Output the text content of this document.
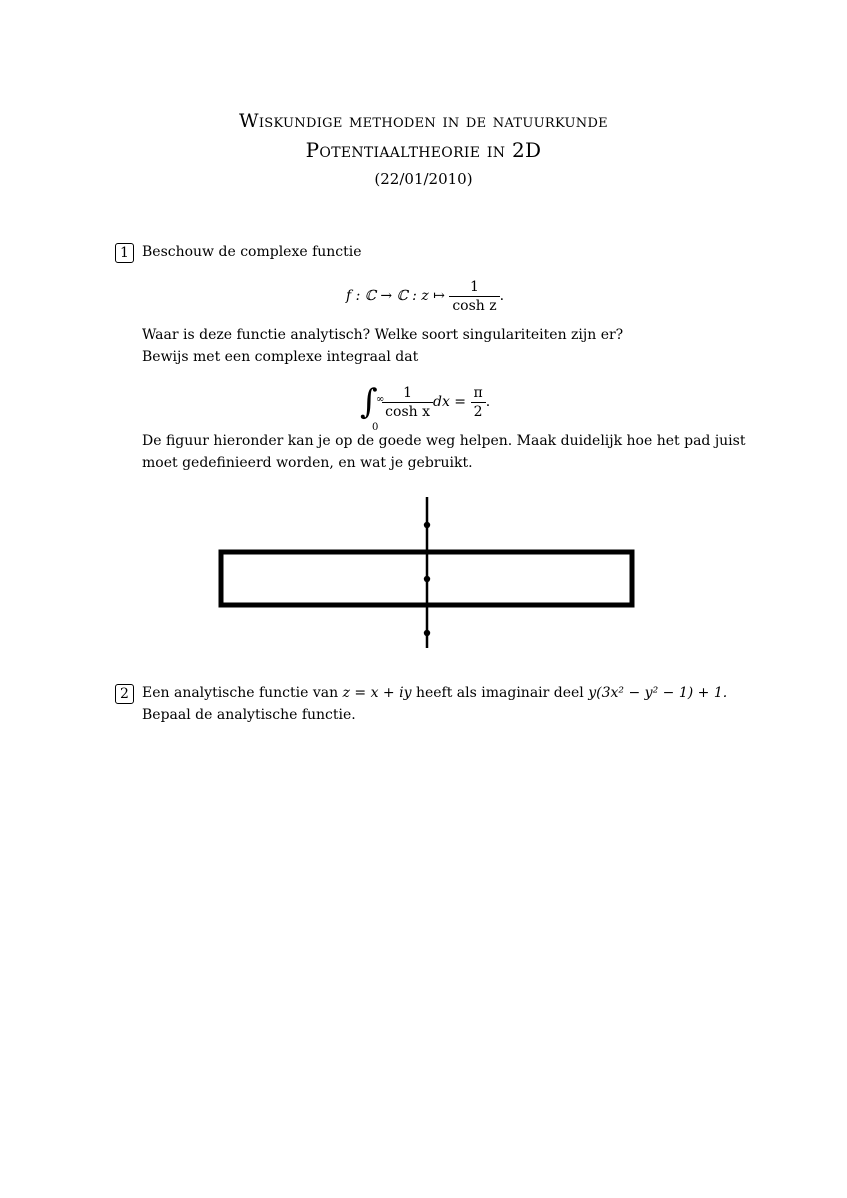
Wiskundige methoden in de natuurkunde
Potentiaaltheorie in 2D
(22/01/2010)
1 Beschouw de complexe functie
f : ℂ → ℂ : z ↦ $\frac{1}{\text{cosh z}}$ .
Waar is deze functie analytisch? Welke soort singulariteiten zijn er?
Bewijs met een complexe integraal dat
∫
∞
0
$\frac{1}{\text{cosh x}}$ dx = $\frac{\pi}{2}$ .
De figuur hieronder kan je op de goede weg helpen. Maak duidelijk hoe het pad juist
moet gedefinieerd worden, en wat je gebruikt.
2 Een analytische functie van z = x + iy heeft als imaginair deel y(3x² − y² − 1) + 1.
Bepaal de analytische functie.
